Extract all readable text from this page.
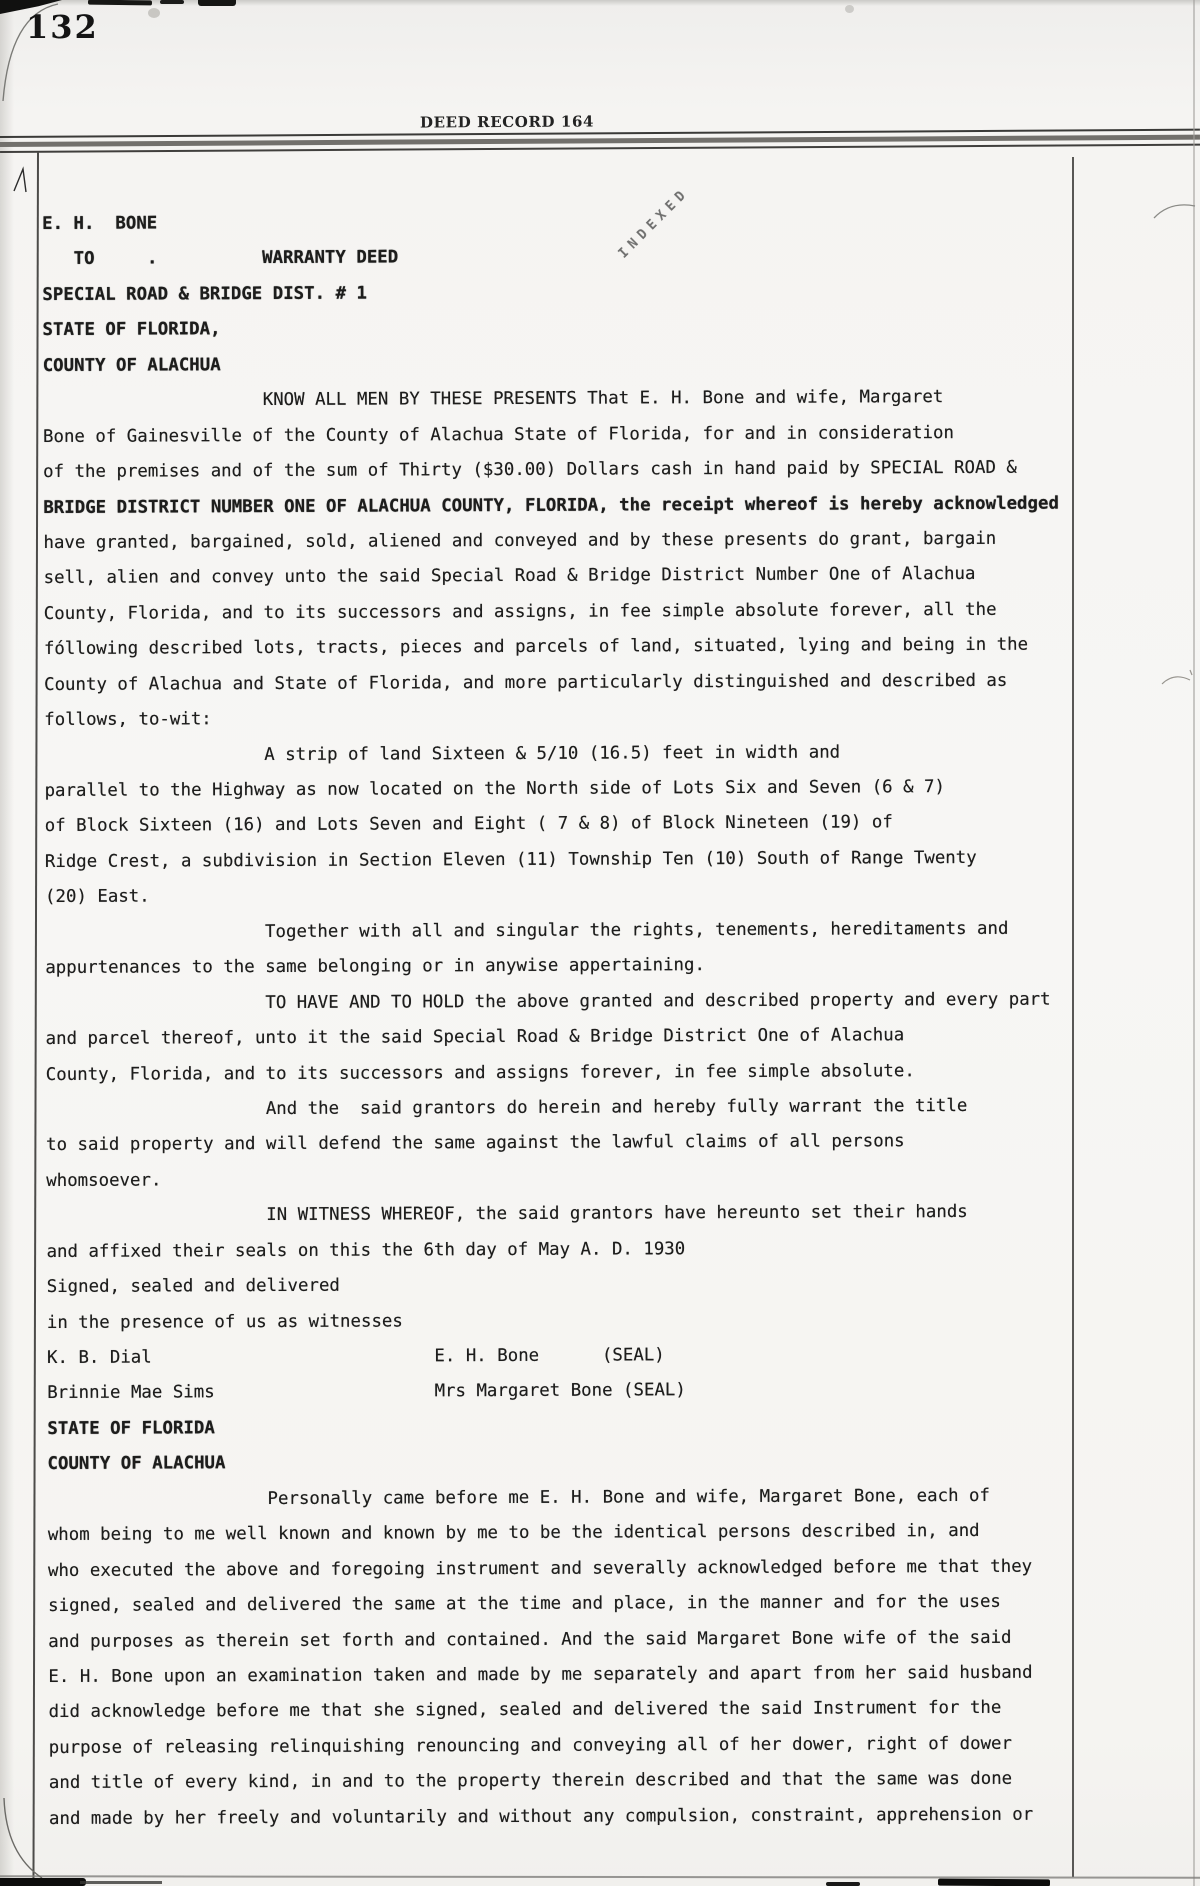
132
DEED RECORD 164
INDEXED
E. H.  BONE
TO     .          WARRANTY DEED
SPECIAL ROAD & BRIDGE DIST. # 1
STATE OF FLORIDA,
COUNTY OF ALACHUA
KNOW ALL MEN BY THESE PRESENTS That E. H. Bone and wife, Margaret
Bone of Gainesville of the County of Alachua State of Florida, for and in consideration
of the premises and of the sum of Thirty ($30.00) Dollars cash in hand paid by SPECIAL ROAD &
BRIDGE DISTRICT NUMBER ONE OF ALACHUA COUNTY, FLORIDA, the receipt whereof is hereby acknowledged
have granted, bargained, sold, aliened and conveyed and by these presents do grant, bargain
sell, alien and convey unto the said Special Road & Bridge District Number One of Alachua
County, Florida, and to its successors and assigns, in fee simple absolute forever, all the
fóllowing described lots, tracts, pieces and parcels of land, situated, lying and being in the
County of Alachua and State of Florida, and more particularly distinguished and described as
follows, to-wit:
A strip of land Sixteen & 5/10 (16.5) feet in width and
parallel to the Highway as now located on the North side of Lots Six and Seven (6 & 7)
of Block Sixteen (16) and Lots Seven and Eight ( 7 & 8) of Block Nineteen (19) of
Ridge Crest, a subdivision in Section Eleven (11) Township Ten (10) South of Range Twenty
(20) East.
Together with all and singular the rights, tenements, hereditaments and
appurtenances to the same belonging or in anywise appertaining.
TO HAVE AND TO HOLD the above granted and described property and every part
and parcel thereof, unto it the said Special Road & Bridge District One of Alachua
County, Florida, and to its successors and assigns forever, in fee simple absolute.
And the  said grantors do herein and hereby fully warrant the title
to said property and will defend the same against the lawful claims of all persons
whomsoever.
IN WITNESS WHEREOF, the said grantors have hereunto set their hands
and affixed their seals on this the 6th day of May A. D. 1930
Signed, sealed and delivered
in the presence of us as witnesses
K. B. Dial                           E. H. Bone      (SEAL)
Brinnie Mae Sims                     Mrs Margaret Bone (SEAL)
STATE OF FLORIDA
COUNTY OF ALACHUA
Personally came before me E. H. Bone and wife, Margaret Bone, each of
whom being to me well known and known by me to be the identical persons described in, and
who executed the above and foregoing instrument and severally acknowledged before me that they
signed, sealed and delivered the same at the time and place, in the manner and for the uses
and purposes as therein set forth and contained. And the said Margaret Bone wife of the said
E. H. Bone upon an examination taken and made by me separately and apart from her said husband
did acknowledge before me that she signed, sealed and delivered the said Instrument for the
purpose of releasing relinquishing renouncing and conveying all of her dower, right of dower
and title of every kind, in and to the property therein described and that the same was done
and made by her freely and voluntarily and without any compulsion, constraint, apprehension or
